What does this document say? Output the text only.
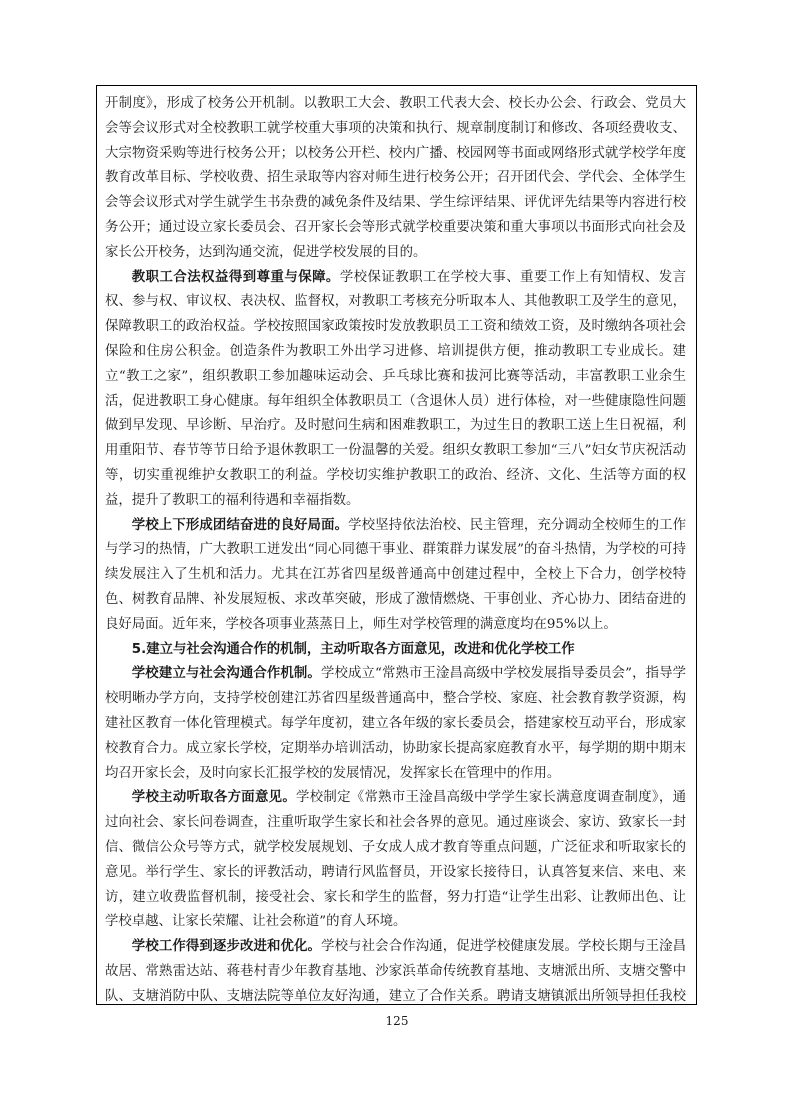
开制度》，形成了校务公开机制。以教职工大会、教职工代表大会、校长办公会、行政会、党员大会等会议形式对全校教职工就学校重大事项的决策和执行、规章制度制订和修改、各项经费收支、大宗物资采购等进行校务公开；以校务公开栏、校内广播、校园网等书面或网络形式就学校学年度教育改革目标、学校收费、招生录取等内容对师生进行校务公开；召开团代会、学代会、全体学生会等会议形式对学生就学生书杂费的减免条件及结果、学生综评结果、评优评先结果等内容进行校务公开；通过设立家长委员会、召开家长会等形式就学校重要决策和重大事项以书面形式向社会及家长公开校务，达到沟通交流，促进学校发展的目的。

教职工合法权益得到尊重与保障。学校保证教职工在学校大事、重要工作上有知情权、发言权、参与权、审议权、表决权、监督权，对教职工考核充分听取本人、其他教职工及学生的意见，保障教职工的政治权益。学校按照国家政策按时发放教职员工工资和绩效工资，及时缴纳各项社会保险和住房公积金。创造条件为教职工外出学习进修、培训提供方便，推动教职工专业成长。建立“教工之家”，组织教职工参加趣味运动会、乒乓球比赛和拔河比赛等活动，丰富教职工业余生活，促进教职工身心健康。每年组织全体教职员工（含退休人员）进行体检，对一些健康隐性问题做到早发现、早诊断、早治疗。及时慰问生病和困难教职工，为过生日的教职工送上生日祝福，利用重阳节、春节等节日给予退休教职工一份温馨的关爱。组织女教职工参加“三八”妇女节庆祝活动等，切实重视维护女教职工的利益。学校切实维护教职工的政治、经济、文化、生活等方面的权益，提升了教职工的福利待遇和幸福指数。

学校上下形成团结奋进的良好局面。学校坚持依法治校、民主管理，充分调动全校师生的工作与学习的热情，广大教职工迸发出“同心同德干事业、群策群力谋发展”的奋斗热情，为学校的可持续发展注入了生机和活力。尤其在江苏省四星级普通高中创建过程中，全校上下合力，创学校特色、树教育品牌、补发展短板、求改革突破，形成了激情燃烧、干事创业、齐心协力、团结奋进的良好局面。近年来，学校各项事业蒸蒸日上，师生对学校管理的满意度均在95%以上。

5.建立与社会沟通合作的机制，主动听取各方面意见，改进和优化学校工作

学校建立与社会沟通合作机制。学校成立“常熟市王淦昌高级中学校发展指导委员会”，指导学校明晰办学方向，支持学校创建江苏省四星级普通高中，整合学校、家庭、社会教育教学资源，构建社区教育一体化管理模式。每学年度初，建立各年级的家长委员会，搭建家校互动平台，形成家校教育合力。成立家长学校，定期举办培训活动，协助家长提高家庭教育水平，每学期的期中期末均召开家长会，及时向家长汇报学校的发展情况，发挥家长在管理中的作用。

学校主动听取各方面意见。学校制定《常熟市王淦昌高级中学学生家长满意度调查制度》，通过向社会、家长问卷调查，注重听取学生家长和社会各界的意见。通过座谈会、家访、致家长一封信、微信公众号等方式，就学校发展规划、子女成人成才教育等重点问题，广泛征求和听取家长的意见。举行学生、家长的评教活动，聘请行风监督员，开设家长接待日，认真答复来信、来电、来访，建立收费监督机制，接受社会、家长和学生的监督，努力打造“让学生出彩、让教师出色、让学校卓越、让家长荣耀、让社会称道”的育人环境。

学校工作得到逐步改进和优化。学校与社会合作沟通，促进学校健康发展。学校长期与王淦昌故居、常熟雷达站、蒋巷村青少年教育基地、沙家浜革命传统教育基地、支塘派出所、支塘交警中队、支塘消防中队、支塘法院等单位友好沟通，建立了合作关系。聘请支塘镇派出所领导担任我校

125
